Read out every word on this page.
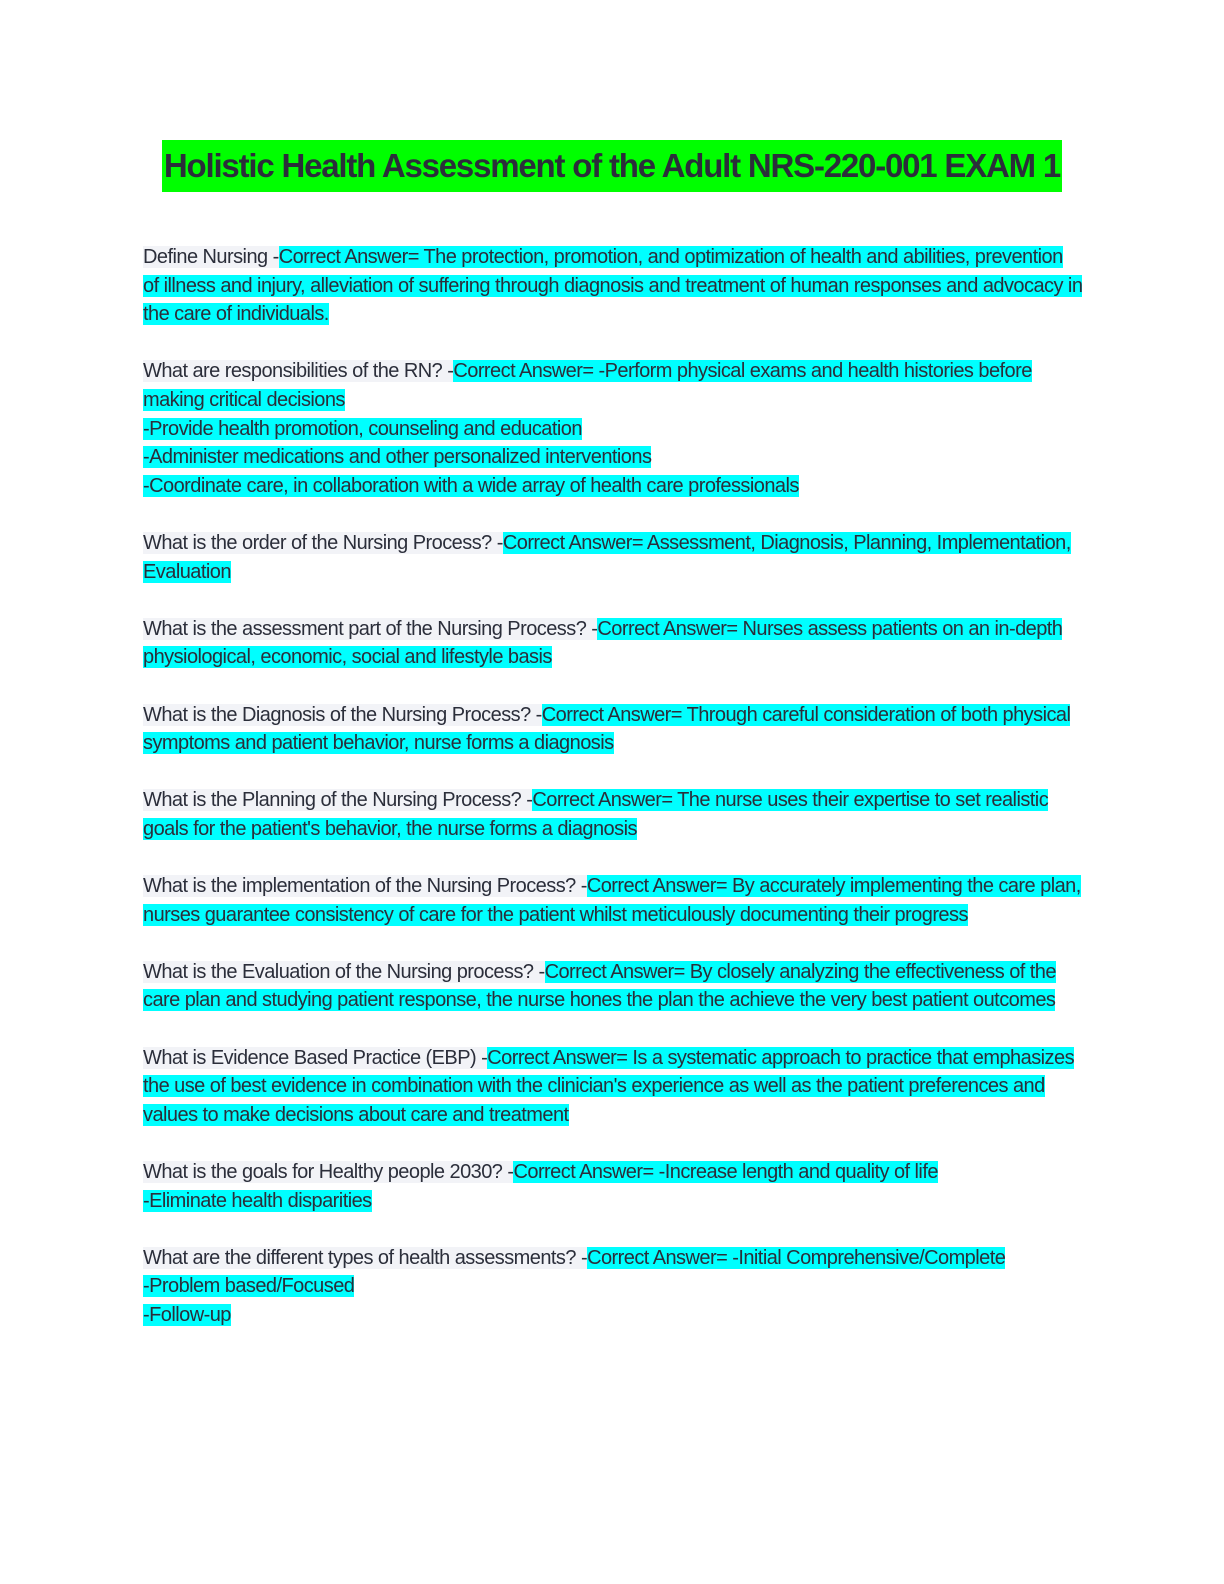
Holistic Health Assessment of the Adult NRS-220-001 EXAM 1

Define Nursing -Correct Answer= The protection, promotion, and optimization of health and abilities, prevention of illness and injury, alleviation of suffering through diagnosis and treatment of human responses and advocacy in the care of individuals.

What are responsibilities of the RN? -Correct Answer= -Perform physical exams and health histories before making critical decisions
-Provide health promotion, counseling and education
-Administer medications and other personalized interventions
-Coordinate care, in collaboration with a wide array of health care professionals

What is the order of the Nursing Process? -Correct Answer= Assessment, Diagnosis, Planning, Implementation, Evaluation

What is the assessment part of the Nursing Process? -Correct Answer= Nurses assess patients on an in-depth physiological, economic, social and lifestyle basis

What is the Diagnosis of the Nursing Process? -Correct Answer= Through careful consideration of both physical symptoms and patient behavior, nurse forms a diagnosis

What is the Planning of the Nursing Process? -Correct Answer= The nurse uses their expertise to set realistic goals for the patient's behavior, the nurse forms a diagnosis

What is the implementation of the Nursing Process? -Correct Answer= By accurately implementing the care plan, nurses guarantee consistency of care for the patient whilst meticulously documenting their progress

What is the Evaluation of the Nursing process? -Correct Answer= By closely analyzing the effectiveness of the care plan and studying patient response, the nurse hones the plan the achieve the very best patient outcomes

What is Evidence Based Practice (EBP) -Correct Answer= Is a systematic approach to practice that emphasizes the use of best evidence in combination with the clinician's experience as well as the patient preferences and values to make decisions about care and treatment

What is the goals for Healthy people 2030? -Correct Answer= -Increase length and quality of life
-Eliminate health disparities

What are the different types of health assessments? -Correct Answer= -Initial Comprehensive/Complete
-Problem based/Focused
-Follow-up
